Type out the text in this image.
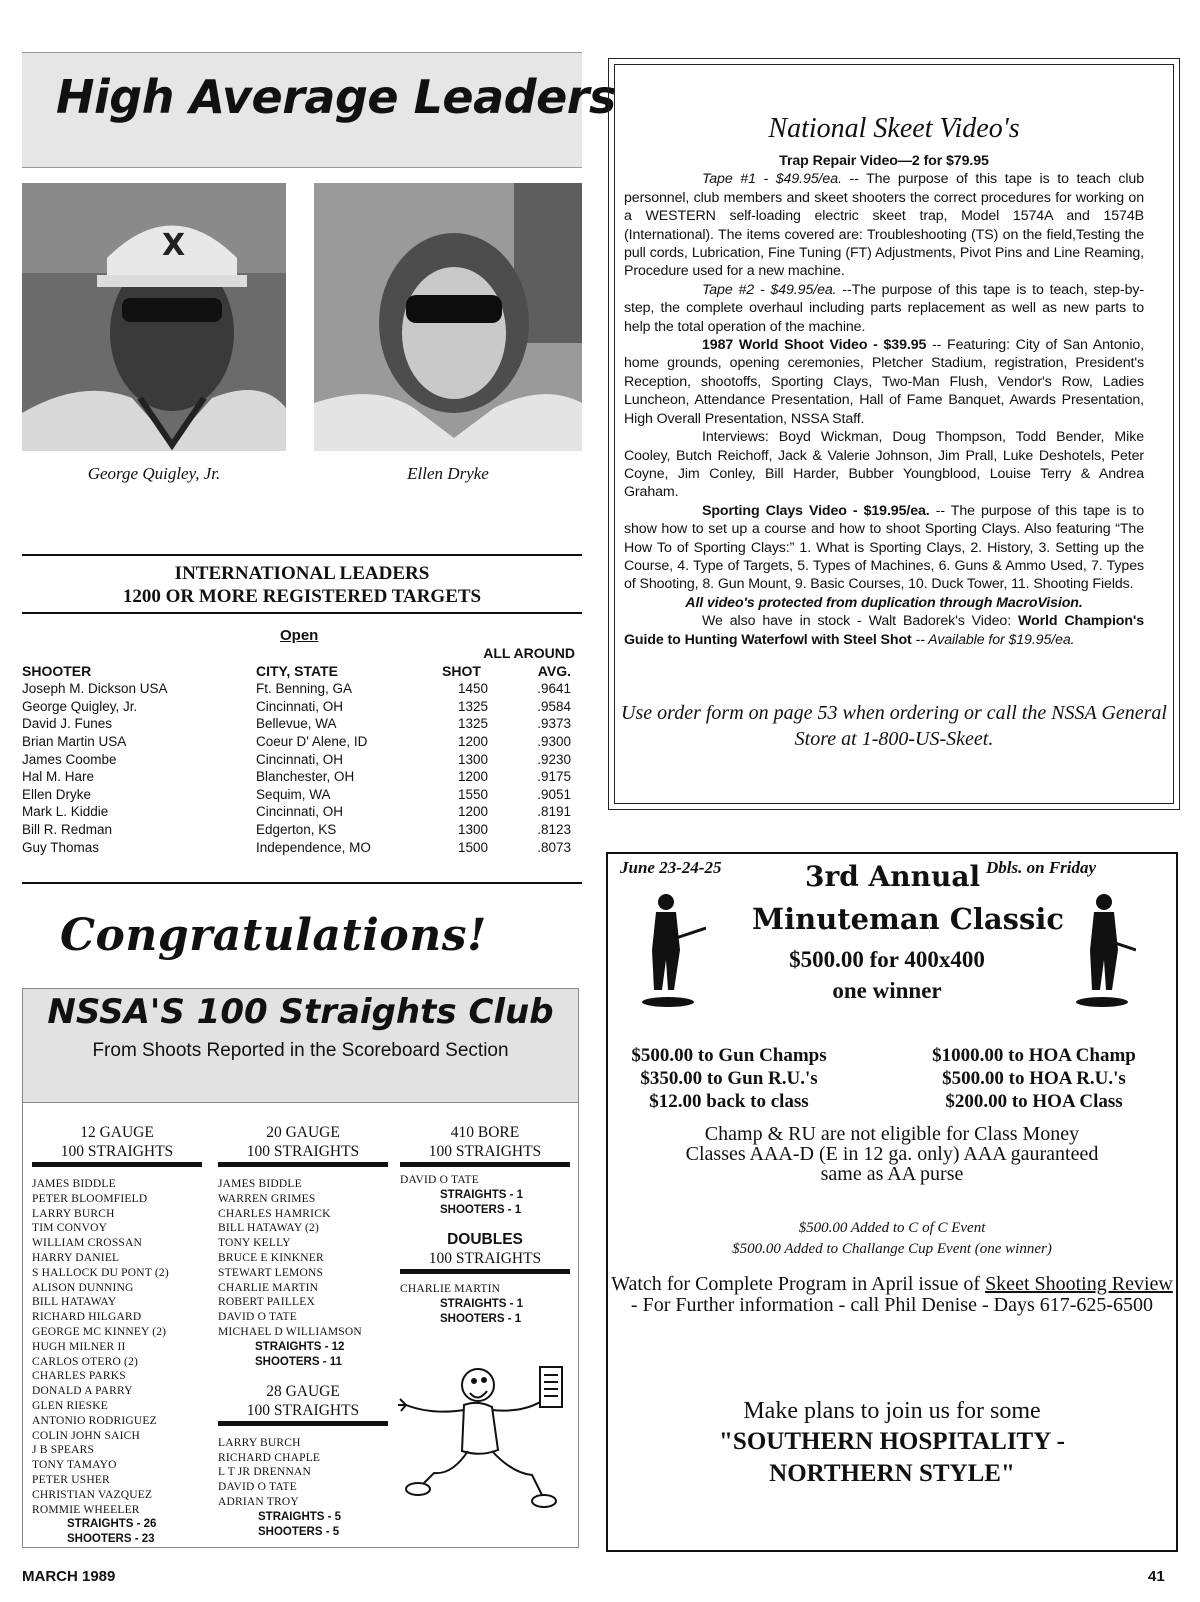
High Average Leaders
X
George Quigley, Jr.	Ellen Dryke
INTERNATIONAL LEADERS
1200 OR MORE REGISTERED TARGETS
Open
		ALL AROUND	
SHOOTER	CITY, STATE	SHOT	AVG.
Joseph M. Dickson USA	Ft. Benning, GA	1450	.9641
George Quigley, Jr.	Cincinnati, OH	1325	.9584
David J. Funes	Bellevue, WA	1325	.9373
Brian Martin USA	Coeur D' Alene, ID	1200	.9300
James Coombe	Cincinnati, OH	1300	.9230
Hal M. Hare	Blanchester, OH	1200	.9175
Ellen Dryke	Sequim, WA	1550	.9051
Mark L. Kiddie	Cincinnati, OH	1200	.8191
Bill R. Redman	Edgerton, KS	1300	.8123
Guy Thomas	Independence, MO	1500	.8073
Congratulations!
NSSA'S 100 Straights Club
From Shoots Reported in the Scoreboard Section
12 GAUGE
100 STRAIGHTS
JAMES BIDDLE
PETER BLOOMFIELD
LARRY BURCH
TIM CONVOY
WILLIAM CROSSAN
HARRY DANIEL
S HALLOCK DU PONT (2)
ALISON DUNNING
BILL HATAWAY
RICHARD HILGARD
GEORGE MC KINNEY (2)
HUGH MILNER II
CARLOS OTERO (2)
CHARLES PARKS
DONALD A PARRY
GLEN RIESKE
ANTONIO RODRIGUEZ
COLIN JOHN SAICH
J B SPEARS
TONY TAMAYO
PETER USHER
CHRISTIAN VAZQUEZ
ROMMIE WHEELER
STRAIGHTS - 26
SHOOTERS - 23
20 GAUGE
100 STRAIGHTS
JAMES BIDDLE
WARREN GRIMES
CHARLES HAMRICK
BILL HATAWAY (2)
TONY KELLY
BRUCE E KINKNER
STEWART LEMONS
CHARLIE MARTIN
ROBERT PAILLEX
DAVID O TATE
MICHAEL D WILLIAMSON
STRAIGHTS - 12
SHOOTERS - 11
28 GAUGE
100 STRAIGHTS
LARRY BURCH
RICHARD CHAPLE
L T JR DRENNAN
DAVID O TATE
ADRIAN TROY
STRAIGHTS - 5
SHOOTERS - 5
410 BORE
100 STRAIGHTS
DAVID O TATE
STRAIGHTS - 1
SHOOTERS - 1
DOUBLES
100 STRAIGHTS
CHARLIE MARTIN
STRAIGHTS - 1
SHOOTERS - 1
National Skeet Video's

Trap Repair Video—2 for $79.95

Tape #1 - $49.95/ea. -- The purpose of this tape is to teach club personnel, club members and skeet shooters the correct procedures for working on a WESTERN self-loading electric skeet trap, Model 1574A and 1574B (International). The items covered are: Troubleshooting (TS) on the field,Testing the pull cords, Lubrication, Fine Tuning (FT) Adjustments, Pivot Pins and Line Reaming, Procedure used for a new machine.

Tape #2 - $49.95/ea. --The purpose of this tape is to teach, step-by-step, the complete overhaul including parts replacement as well as new parts to help the total operation of the machine.

1987 World Shoot Video - $39.95 -- Featuring: City of San Antonio, home grounds, opening ceremonies, Pletcher Stadium, registration, President's Reception, shootoffs, Sporting Clays, Two-Man Flush, Vendor's Row, Ladies Luncheon, Attendance Presentation, Hall of Fame Banquet, Awards Presentation, High Overall Presentation, NSSA Staff.

Interviews: Boyd Wickman, Doug Thompson, Todd Bender, Mike Cooley, Butch Reichoff, Jack & Valerie Johnson, Jim Prall, Luke Deshotels, Peter Coyne, Jim Conley, Bill Harder, Bubber Youngblood, Louise Terry & Andrea Graham.

Sporting Clays Video - $19.95/ea. -- The purpose of this tape is to show how to set up a course and how to shoot Sporting Clays. Also featuring “The How To of Sporting Clays:” 1. What is Sporting Clays, 2. History, 3. Setting up the Course, 4. Type of Targets, 5. Types of Machines, 6. Guns & Ammo Used, 7. Types of Shooting, 8. Gun Mount, 9. Basic Courses, 10. Duck Tower, 11. Shooting Fields.

All video's protected from duplication through MacroVision.

We also have in stock - Walt Badorek's Video: World Champion's Guide to Hunting Waterfowl with Steel Shot -- Available for $19.95/ea.

Use order form on page 53 when ordering or call the NSSA General Store at 1-800-US-Skeet.
June 23-24-25	Dbls. on Friday
3rd Annual
Minuteman Classic
$500.00 for 400x400
one winner
$500.00 to Gun Champs
$350.00 to Gun R.U.'s
$12.00 back to class
$1000.00 to HOA Champ
$500.00 to HOA R.U.'s
$200.00 to HOA Class
Champ & RU are not eligible for Class Money
Classes AAA-D (E in 12 ga. only) AAA gauranteed
same as AA purse
$500.00 Added to C of C Event
$500.00 Added to Challange Cup Event (one winner)
Watch for Complete Program in April issue of Skeet Shooting Review - For Further information - call Phil Denise - Days 617-625-6500
Make plans to join us for some
"SOUTHERN HOSPITALITY -
NORTHERN STYLE"
MARCH 1989	41
